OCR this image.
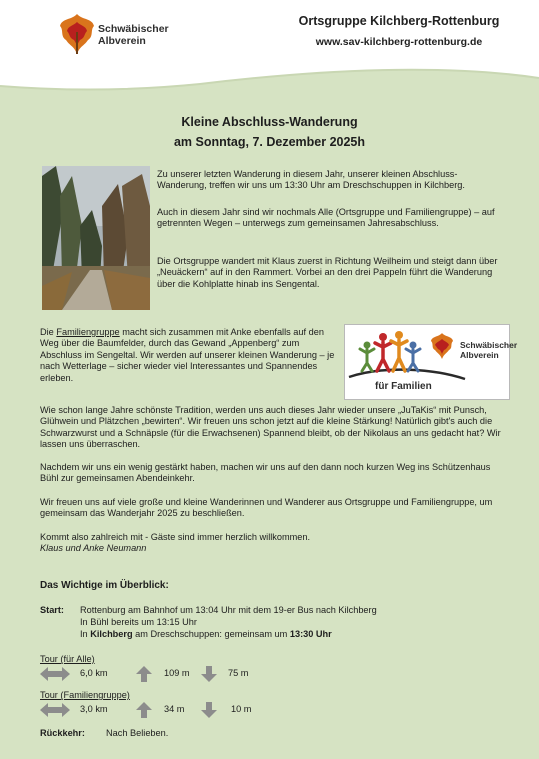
Schwäbischer
Albverein
Ortsgruppe Kilchberg-Rottenburg
www.sav-kilchberg-rottenburg.de
Kleine Abschluss-Wanderung
am Sonntag, 7. Dezember 2025h

Zu unserer letzten Wanderung in diesem Jahr, unserer kleinen Abschluss-Wanderung, treffen wir uns um 13:30 Uhr am Dreschschuppen in Kilchberg.

Auch in diesem Jahr sind wir nochmals Alle (Ortsgruppe und Familiengruppe) – auf getrennten Wegen – unterwegs zum gemeinsamen Jahresabschluss.

Die Ortsgruppe wandert mit Klaus zuerst in Richtung Weilheim und steigt dann über „Neuäckern“ auf in den Rammert. Vorbei an den drei Pappeln führt die Wanderung über die Kohlplatte hinab ins Sengental.

Die Familiengruppe macht sich zusammen mit Anke ebenfalls auf den Weg über die Baumfelder, durch das Gewand „Appenberg“ zum Abschluss im Sengeltal. Wir werden auf unserer kleinen Wanderung – je nach Wetterlage – sicher wieder viel Interessantes und Spannendes erleben.

Schwäbischer
Albverein
für Familien

Wie schon lange Jahre schönste Tradition, werden uns auch dieses Jahr wieder unsere „JuTaKis“ mit Punsch, Glühwein und Plätzchen „bewirten“. Wir freuen uns schon jetzt auf die kleine Stärkung! Natürlich gibt's auch die Schwarzwurst und a Schnäpsle (für die Erwachsenen) Spannend bleibt, ob der Nikolaus an uns gedacht hat? Wir lassen uns überraschen.

Nachdem wir uns ein wenig gestärkt haben, machen wir uns auf den dann noch kurzen Weg ins Schützenhaus Bühl zur gemeinsamen Abendeinkehr.

Wir freuen uns auf viele große und kleine Wanderinnen und Wanderer aus Ortsgruppe und Familiengruppe, um gemeinsam das Wanderjahr 2025 zu beschließen.

Kommt also zahlreich mit - Gäste sind immer herzlich willkommen.

Klaus und Anke Neumann

Das Wichtige im Überblick:
Start: Rottenburg am Bahnhof um 13:04 Uhr mit dem 19-er Bus nach Kilchberg
In Bühl bereits um 13:15 Uhr
In Kilchberg am Dreschschuppen: gemeinsam um 13:30 Uhr
Tour (für Alle)
6,0 km	109 m	75 m
Tour (Familiengruppe)
3,0 km	34 m	10 m
Rückkehr: Nach Belieben.
